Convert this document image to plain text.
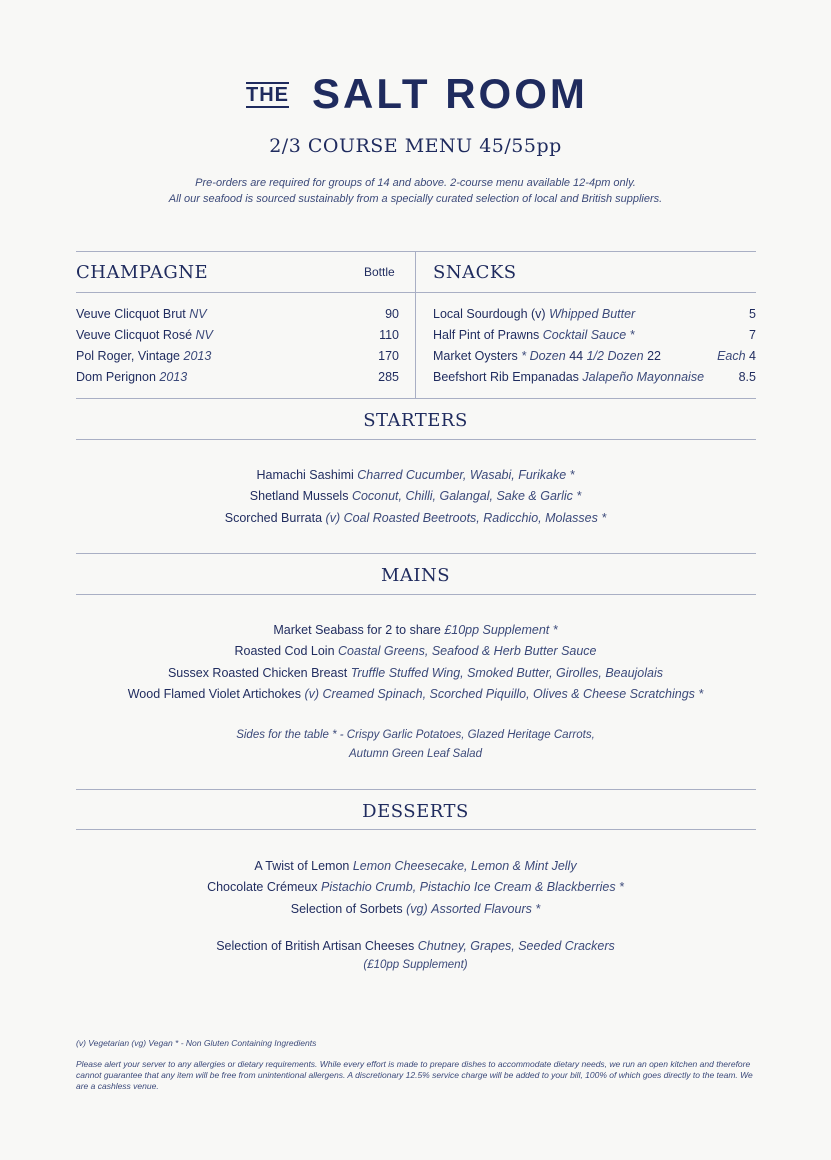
THE SALT ROOM
2/3 COURSE MENU 45/55pp
Pre-orders are required for groups of 14 and above. 2-course menu available 12-4pm only.
All our seafood is sourced sustainably from a specially curated selection of local and British suppliers.
CHAMPAGNE	Bottle SNACKS
Veuve Clicquot Brut NV	90
Veuve Clicquot Rosé NV	110
Pol Roger, Vintage 2013	170
Dom Perignon 2013	285
Local Sourdough (v) Whipped Butter	5
Half Pint of Prawns Cocktail Sauce *	7
Market Oysters * Dozen 44 1/2 Dozen 22	Each 4
Beefshort Rib Empanadas Jalapeño Mayonnaise	8.5
STARTERS
Hamachi Sashimi Charred Cucumber, Wasabi, Furikake *
Shetland Mussels Coconut, Chilli, Galangal, Sake & Garlic *
Scorched Burrata (v) Coal Roasted Beetroots, Radicchio, Molasses *
MAINS
Market Seabass for 2 to share £10pp Supplement *
Roasted Cod Loin Coastal Greens, Seafood & Herb Butter Sauce
Sussex Roasted Chicken Breast Truffle Stuffed Wing, Smoked Butter, Girolles, Beaujolais
Wood Flamed Violet Artichokes (v) Creamed Spinach, Scorched Piquillo, Olives & Cheese Scratchings *
Sides for the table * - Crispy Garlic Potatoes, Glazed Heritage Carrots,
Autumn Green Leaf Salad
DESSERTS
A Twist of Lemon Lemon Cheesecake, Lemon & Mint Jelly
Chocolate Crémeux Pistachio Crumb, Pistachio Ice Cream & Blackberries *
Selection of Sorbets (vg) Assorted Flavours *
Selection of British Artisan Cheeses Chutney, Grapes, Seeded Crackers
(£10pp Supplement)
(v) Vegetarian (vg) Vegan * - Non Gluten Containing Ingredients
Please alert your server to any allergies or dietary requirements. While every effort is made to prepare dishes to accommodate dietary needs, we run an open kitchen and therefore cannot guarantee that any item will be free from unintentional allergens. A discretionary 12.5% service charge will be added to your bill, 100% of which goes directly to the team. We are a cashless venue.
